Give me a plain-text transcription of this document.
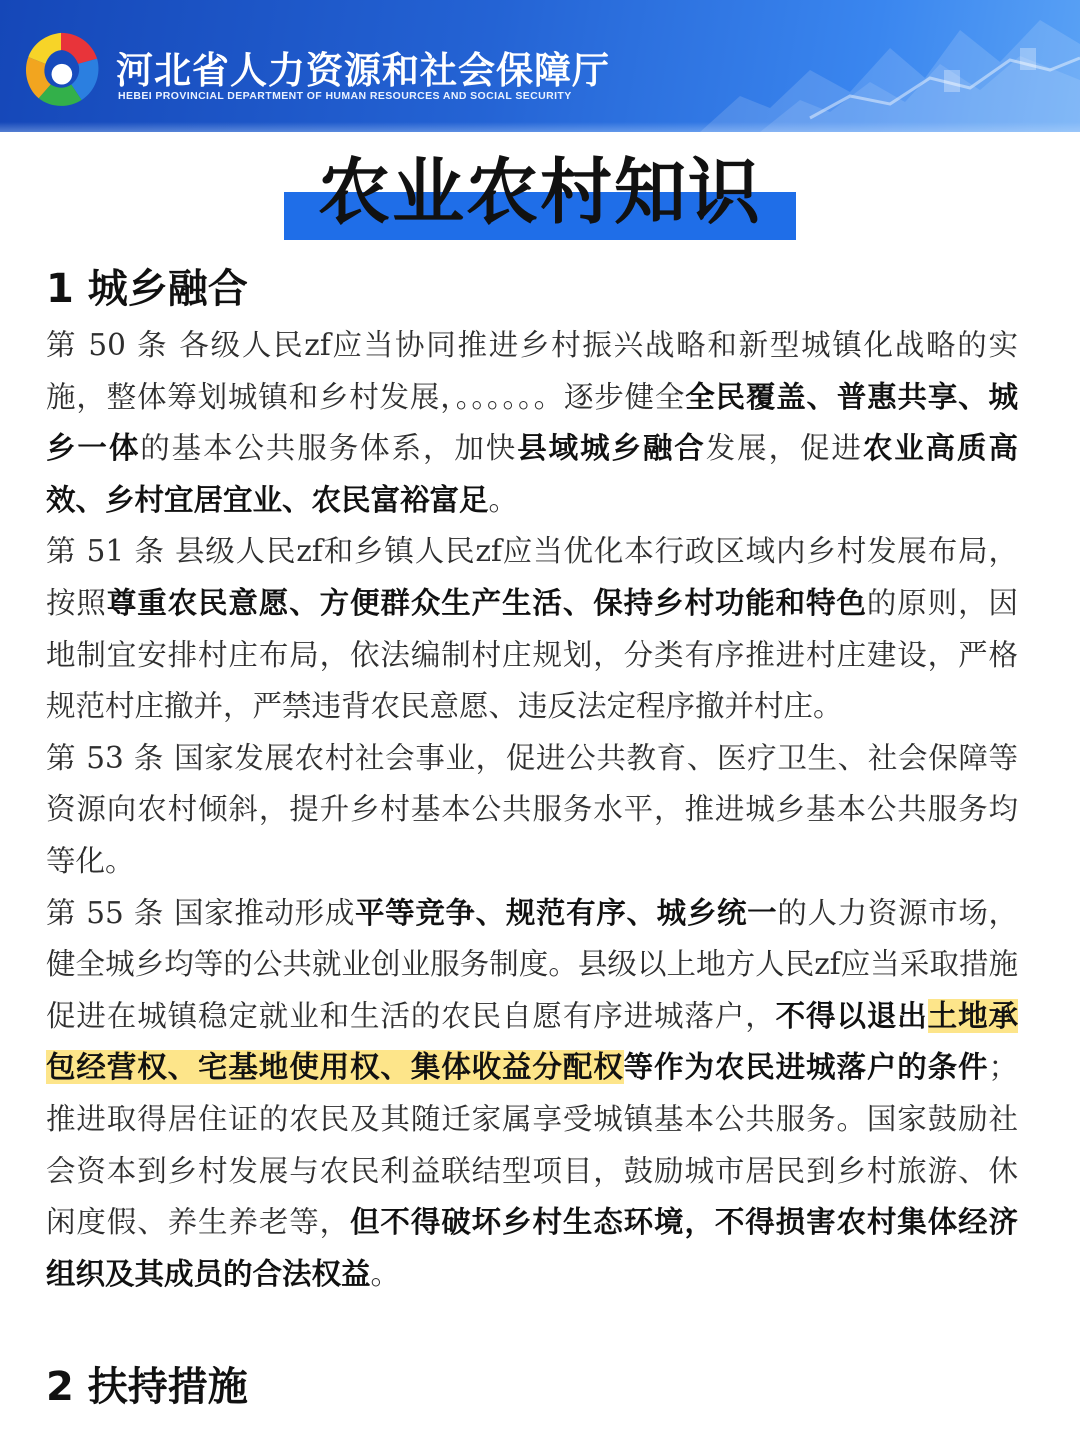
河北省人力资源和社会保障厅
HEBEI PROVINCIAL DEPARTMENT OF HUMAN RESOURCES AND SOCIAL SECURITY
农业农村知识
1 城乡融合

第 50 条 各级人民zf应当协同推进乡村振兴战略和新型城镇化战略的实施，整体筹划城镇和乡村发展，。。。。。。逐步健全全民覆盖、普惠共享、城乡一体的基本公共服务体系，加快县域城乡融合发展，促进农业高质高效、乡村宜居宜业、农民富裕富足。

第 51 条 县级人民zf和乡镇人民zf应当优化本行政区域内乡村发展布局，按照尊重农民意愿、方便群众生产生活、保持乡村功能和特色的原则，因地制宜安排村庄布局，依法编制村庄规划，分类有序推进村庄建设，严格规范村庄撤并，严禁违背农民意愿、违反法定程序撤并村庄。

第 53 条 国家发展农村社会事业，促进公共教育、医疗卫生、社会保障等资源向农村倾斜，提升乡村基本公共服务水平，推进城乡基本公共服务均等化。

第 55 条 国家推动形成平等竞争、规范有序、城乡统一的人力资源市场，健全城乡均等的公共就业创业服务制度。县级以上地方人民zf应当采取措施促进在城镇稳定就业和生活的农民自愿有序进城落户，不得以退出土地承包经营权、宅基地使用权、集体收益分配权等作为农民进城落户的条件；推进取得居住证的农民及其随迁家属享受城镇基本公共服务。国家鼓励社会资本到乡村发展与农民利益联结型项目，鼓励城市居民到乡村旅游、休闲度假、养生养老等，但不得破坏乡村生态环境，不得损害农村集体经济组织及其成员的合法权益。

2 扶持措施
